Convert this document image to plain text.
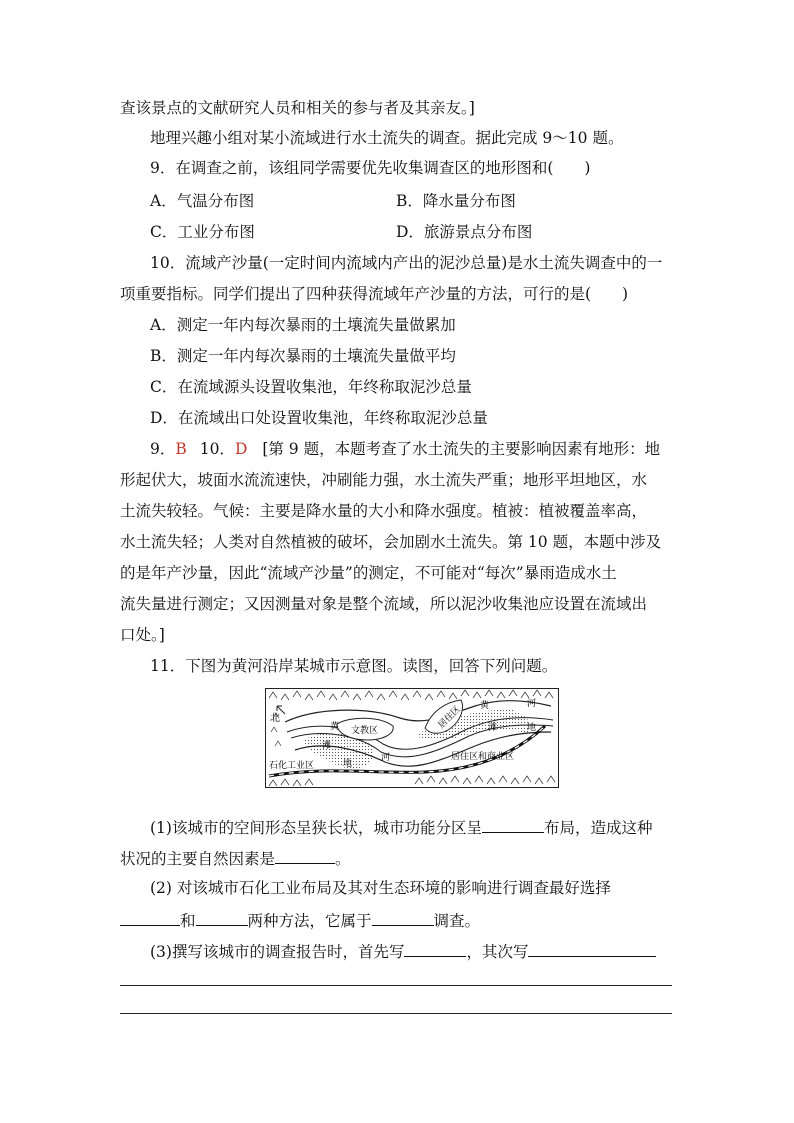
查该景点的文献研究人员和相关的参与者及其亲友。]
地理兴趣小组对某小流域进行水土流失的调查。据此完成 9～10 题。
9．在调查之前，该组同学需要优先收集调查区的地形图和(　　)
A．气温分布图	B．降水量分布图
C．工业分布图	D．旅游景点分布图
10．流域产沙量(一定时间内流域内产出的泥沙总量)是水土流失调查中的一
项重要指标。同学们提出了四种获得流域年产沙量的方法，可行的是(　　)
A．测定一年内每次暴雨的土壤流失量做累加
B．测定一年内每次暴雨的土壤流失量做平均
C．在流域源头设置收集池，年终称取泥沙总量
D．在流域出口处设置收集池，年终称取泥沙总量
9．B 10．D [第 9 题，本题考查了水土流失的主要影响因素有地形：地
形起伏大，坡面水流流速快，冲刷能力强，水土流失严重；地形平坦地区，水
土流失较轻。气候：主要是降水量的大小和降水强度。植被：植被覆盖率高，
水土流失轻；人类对自然植被的破坏，会加剧水土流失。第 10 题，本题中涉及
的是年产沙量，因此“流域产沙量”的测定，不可能对“每次”暴雨造成水土
流失量进行测定；又因测量对象是整个流域，所以泥沙收集池应设置在流域出
口处。]
11．下图为黄河沿岸某城市示意图。读图，回答下列问题。
北
文教区
居住区
居住区和商业区
石化工业区
黄
滩
地
河
黄
滩
河
地
(1)该城市的空间形态呈狭长状，城市功能分区呈	布局，造成这种
状况的主要自然因素是	。
(2) 对该城市石化工业布局及其对生态环境的影响进行调查最好选择
和	两种方法，它属于	调查。
(3)撰写该城市的调查报告时，首先写	，其次写
